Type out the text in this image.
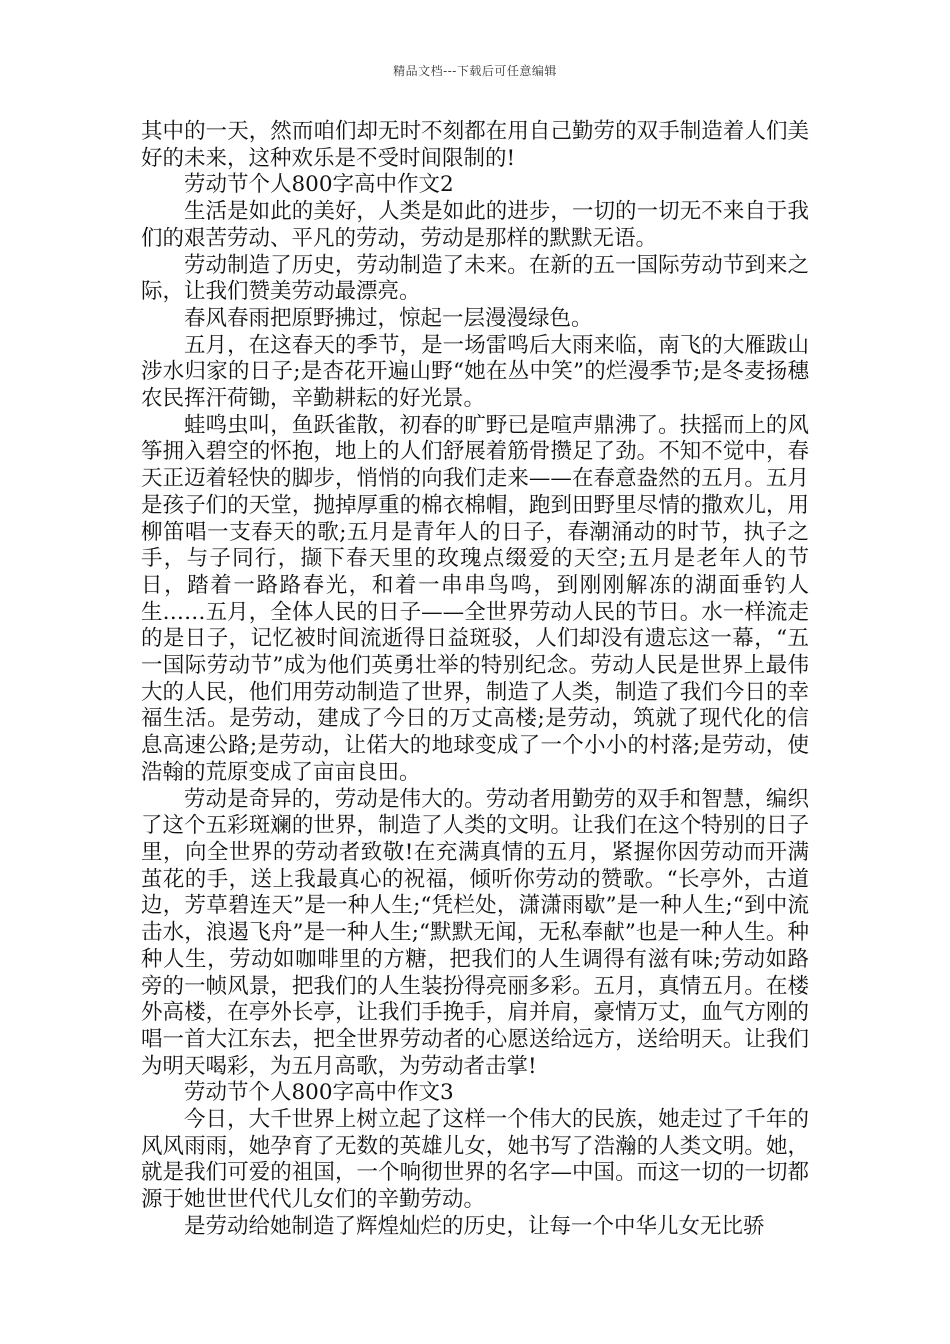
精品文档---下载后可任意编辑

其中的一天，然而咱们却无时不刻都在用自己勤劳的双手制造着人们美好的未来，这种欢乐是不受时间限制的!

劳动节个人800字高中作文2

生活是如此的美好，人类是如此的进步，一切的一切无不来自于我们的艰苦劳动、平凡的劳动，劳动是那样的默默无语。

劳动制造了历史，劳动制造了未来。在新的五一国际劳动节到来之际，让我们赞美劳动最漂亮。

春风春雨把原野拂过，惊起一层漫漫绿色。

五月，在这春天的季节，是一场雷鸣后大雨来临，南飞的大雁跋山涉水归家的日子;是杏花开遍山野“她在丛中笑”的烂漫季节;是冬麦扬穗农民挥汗荷锄，辛勤耕耘的好光景。

蛙鸣虫叫，鱼跃雀散，初春的旷野已是喧声鼎沸了。扶摇而上的风筝拥入碧空的怀抱，地上的人们舒展着筋骨攒足了劲。不知不觉中，春天正迈着轻快的脚步，悄悄的向我们走来——在春意盎然的五月。五月是孩子们的天堂，抛掉厚重的棉衣棉帽，跑到田野里尽情的撒欢儿，用柳笛唱一支春天的歌;五月是青年人的日子，春潮涌动的时节，执子之手，与子同行，撷下春天里的玫瑰点缀爱的天空;五月是老年人的节日，踏着一路路春光，和着一串串鸟鸣，到刚刚解冻的湖面垂钓人生……五月，全体人民的日子——全世界劳动人民的节日。水一样流走的是日子，记忆被时间流逝得日益斑驳，人们却没有遗忘这一幕，“五一国际劳动节”成为他们英勇壮举的特别纪念。劳动人民是世界上最伟大的人民，他们用劳动制造了世界，制造了人类，制造了我们今日的幸福生活。是劳动，建成了今日的万丈高楼;是劳动，筑就了现代化的信息高速公路;是劳动，让偌大的地球变成了一个小小的村落;是劳动，使浩翰的荒原变成了亩亩良田。

劳动是奇异的，劳动是伟大的。劳动者用勤劳的双手和智慧，编织了这个五彩斑斓的世界，制造了人类的文明。让我们在这个特别的日子里，向全世界的劳动者致敬!在充满真情的五月，紧握你因劳动而开满茧花的手，送上我最真心的祝福，倾听你劳动的赞歌。“长亭外，古道边，芳草碧连天”是一种人生;“凭栏处，潇潇雨歇”是一种人生;“到中流击水，浪遏飞舟”是一种人生;“默默无闻，无私奉献”也是一种人生。种种人生，劳动如咖啡里的方糖，把我们的人生调得有滋有味;劳动如路旁的一帧风景，把我们的人生装扮得亮丽多彩。五月，真情五月。在楼外高楼，在亭外长亭，让我们手挽手，肩并肩，豪情万丈，血气方刚的唱一首大江东去，把全世界劳动者的心愿送给远方，送给明天。让我们为明天喝彩，为五月高歌，为劳动者击掌!

劳动节个人800字高中作文3

今日，大千世界上树立起了这样一个伟大的民族，她走过了千年的风风雨雨，她孕育了无数的英雄儿女，她书写了浩瀚的人类文明。她，就是我们可爱的祖国，一个响彻世界的名字—中国。而这一切的一切都源于她世世代代儿女们的辛勤劳动。

是劳动给她制造了辉煌灿烂的历史，让每一个中华儿女无比骄
